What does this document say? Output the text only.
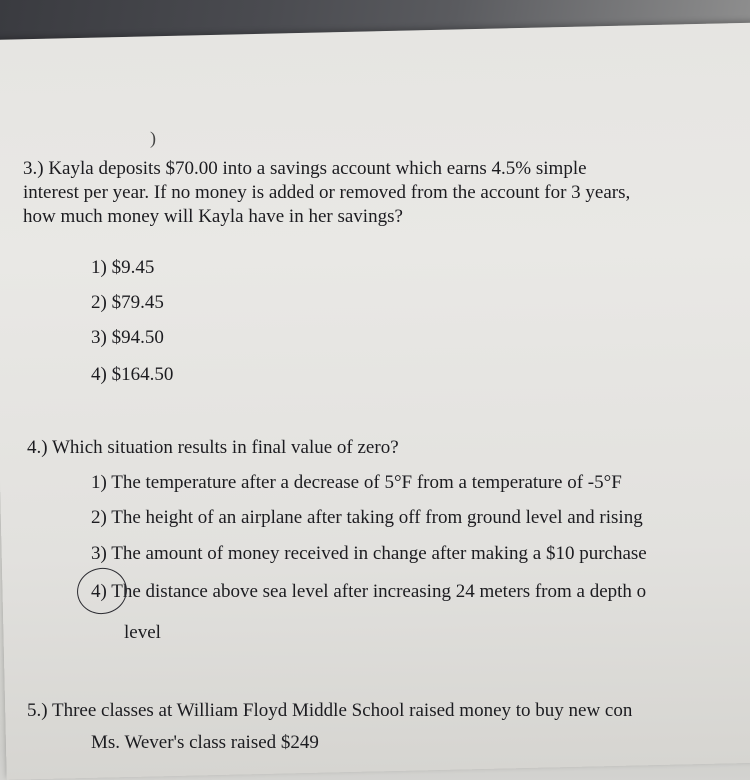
)
3.) Kayla deposits $70.00 into a savings account which earns 4.5% simple
interest per year. If no money is added or removed from the account for 3 years,
how much money will Kayla have in her savings?
1) $9.45
2) $79.45
3) $94.50
4) $164.50
4.) Which situation results in final value of zero?
1) The temperature after a decrease of 5°F from a temperature of -5°F
2) The height of an airplane after taking off from ground level and rising
3) The amount of money received in change after making a $10 purchase
4) The distance above sea level after increasing 24 meters from a depth o
level
5.) Three classes at William Floyd Middle School raised money to buy new con
Ms. Wever's class raised $249
